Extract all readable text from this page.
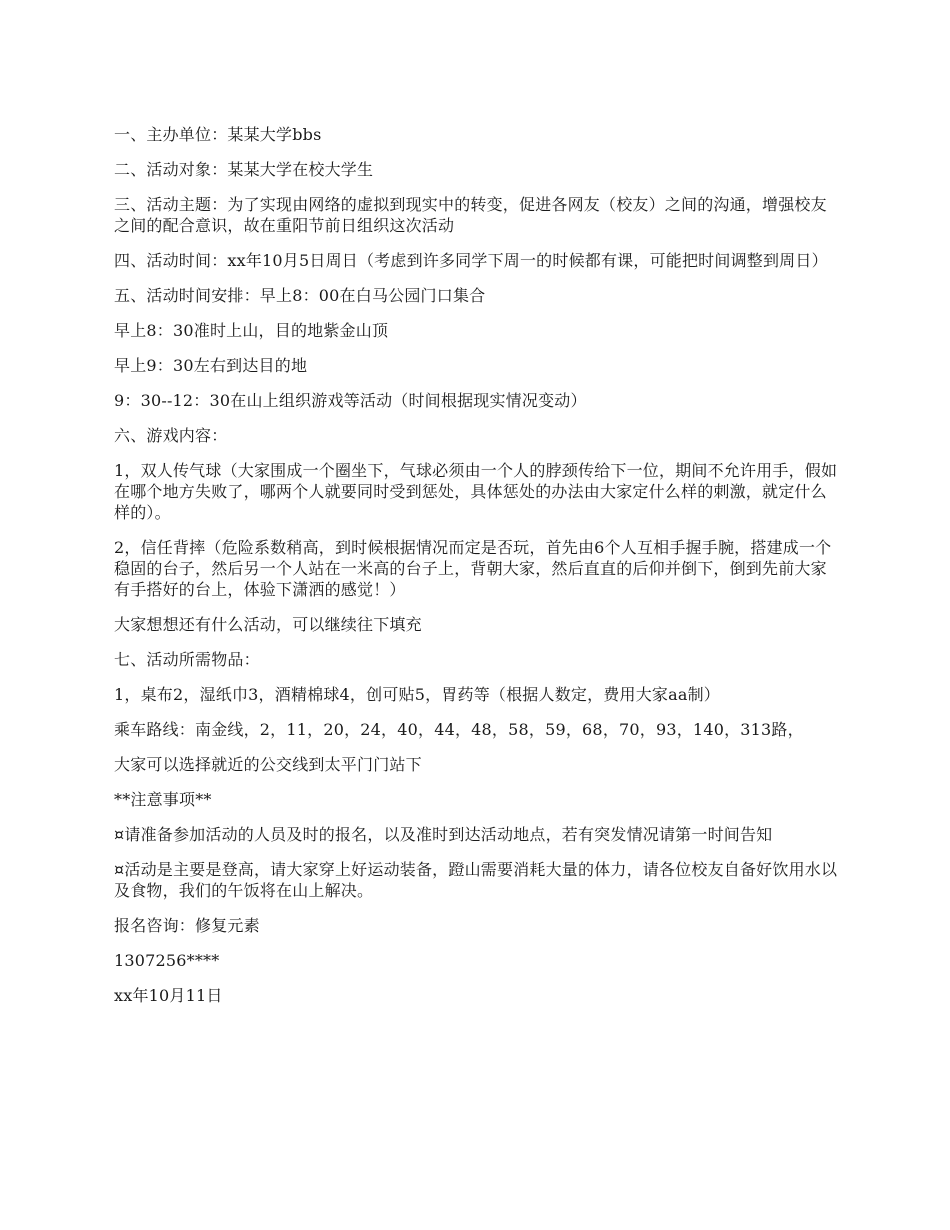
一、主办单位：某某大学bbs

二、活动对象：某某大学在校大学生

三、活动主题：为了实现由网络的虚拟到现实中的转变，促进各网友（校友）之间的沟通，增强校友之间的配合意识，故在重阳节前日组织这次活动

四、活动时间：xx年10月5日周日（考虑到许多同学下周一的时候都有课，可能把时间调整到周日）

五、活动时间安排：早上8：00在白马公园门口集合

早上8：30准时上山，目的地紫金山顶

早上9：30左右到达目的地

9：30--12：30在山上组织游戏等活动（时间根据现实情况变动）

六、游戏内容：

1，双人传气球（大家围成一个圈坐下，气球必须由一个人的脖颈传给下一位，期间不允许用手，假如在哪个地方失败了，哪两个人就要同时受到惩处，具体惩处的办法由大家定什么样的刺激，就定什么样的）。

2，信任背摔（危险系数稍高，到时候根据情况而定是否玩，首先由6个人互相手握手腕，搭建成一个稳固的台子，然后另一个人站在一米高的台子上，背朝大家，然后直直的后仰并倒下，倒到先前大家有手搭好的台上，体验下潇洒的感觉！）

大家想想还有什么活动，可以继续往下填充

七、活动所需物品：

1，桌布2，湿纸巾3，酒精棉球4，创可贴5，胃药等（根据人数定，费用大家aa制）

乘车路线：南金线，2，11，20，24，40，44，48，58，59，68，70，93，140，313路，

大家可以选择就近的公交线到太平门门站下

**注意事项**

¤请准备参加活动的人员及时的报名，以及准时到达活动地点，若有突发情况请第一时间告知

¤活动是主要是登高，请大家穿上好运动装备，蹬山需要消耗大量的体力，请各位校友自备好饮用水以及食物，我们的午饭将在山上解决。

报名咨询：修复元素

1307256****

xx年10月11日
